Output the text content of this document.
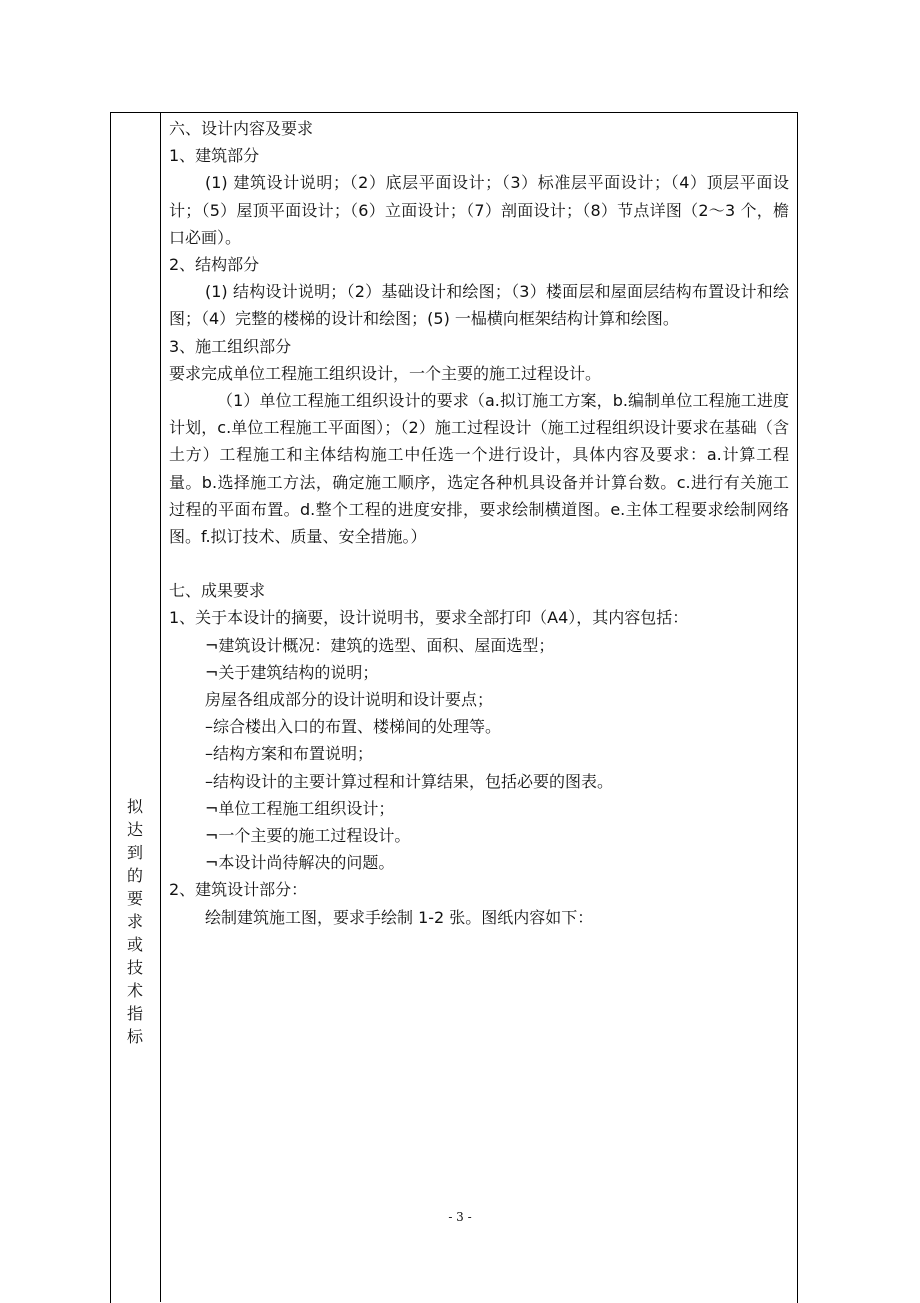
拟
达
到
的
要
求
或
技
术
指
标

六、设计内容及要求

1、建筑部分

(1) 建筑设计说明；（2）底层平面设计；（3）标准层平面设计；（4）顶层平面设计；（5）屋顶平面设计；（6）立面设计；（7）剖面设计；（8）节点详图（2～3 个，檐口必画）。

2、结构部分

(1) 结构设计说明；（2）基础设计和绘图；（3）楼面层和屋面层结构布置设计和绘图；（4）完整的楼梯的设计和绘图；(5) 一榀横向框架结构计算和绘图。

3、施工组织部分

要求完成单位工程施工组织设计，一个主要的施工过程设计。

（1）单位工程施工组织设计的要求（a.拟订施工方案，b.编制单位工程施工进度计划，c.单位工程施工平面图）；（2）施工过程设计（施工过程组织设计要求在基础（含土方）工程施工和主体结构施工中任选一个进行设计，具体内容及要求：a.计算工程量。b.选择施工方法，确定施工顺序，选定各种机具设备并计算台数。c.进行有关施工过程的平面布置。d.整个工程的进度安排，要求绘制横道图。e.主体工程要求绘制网络图。f.拟订技术、质量、安全措施。）

七、成果要求

1、关于本设计的摘要，设计说明书，要求全部打印（A4），其内容包括：

¬建筑设计概况：建筑的选型、面积、屋面选型；

¬关于建筑结构的说明；

房屋各组成部分的设计说明和设计要点；

–综合楼出入口的布置、楼梯间的处理等。

–结构方案和布置说明；

–结构设计的主要计算过程和计算结果，包括必要的图表。

¬单位工程施工组织设计；

¬一个主要的施工过程设计。

¬本设计尚待解决的问题。

2、建筑设计部分：

绘制建筑施工图，要求手绘制 1-2 张。图纸内容如下：

- 3 -
